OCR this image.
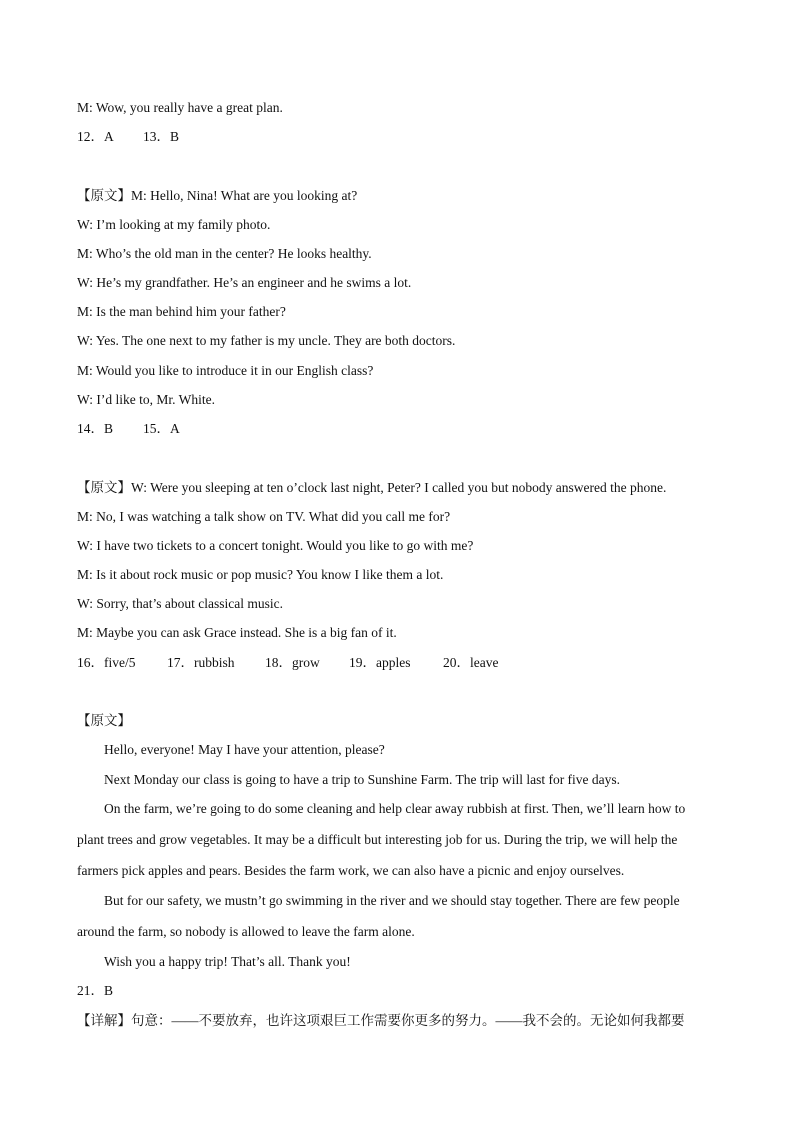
M: Wow, you really have a great plan.
12．A 13．B
【原文】M: Hello, Nina! What are you looking at?
W: I’m looking at my family photo.
M: Who’s the old man in the center? He looks healthy.
W: He’s my grandfather. He’s an engineer and he swims a lot.
M: Is the man behind him your father?
W: Yes. The one next to my father is my uncle. They are both doctors.
M: Would you like to introduce it in our English class?
W: I’d like to, Mr. White.
14．B 15．A
【原文】W: Were you sleeping at ten o’clock last night, Peter? I called you but nobody answered the phone.
M: No, I was watching a talk show on TV. What did you call me for?
W: I have two tickets to a concert tonight. Would you like to go with me?
M: Is it about rock music or pop music? You know I like them a lot.
W: Sorry, that’s about classical music.
M: Maybe you can ask Grace instead. She is a big fan of it.
16．five/5 17．rubbish 18．grow 19．apples 20．leave
【原文】
Hello, everyone! May I have your attention, please?
Next Monday our class is going to have a trip to Sunshine Farm. The trip will last for five days.
On the farm, we’re going to do some cleaning and help clear away rubbish at first. Then, we’ll learn how to
plant trees and grow vegetables. It may be a difficult but interesting job for us. During the trip, we will help the
farmers pick apples and pears. Besides the farm work, we can also have a picnic and enjoy ourselves.
But for our safety, we mustn’t go swimming in the river and we should stay together. There are few people
around the farm, so nobody is allowed to leave the farm alone.
Wish you a happy trip! That’s all. Thank you!
21．B
【详解】句意：——不要放弃，也许这项艰巨工作需要你更多的努力。——我不会的。无论如何我都要
